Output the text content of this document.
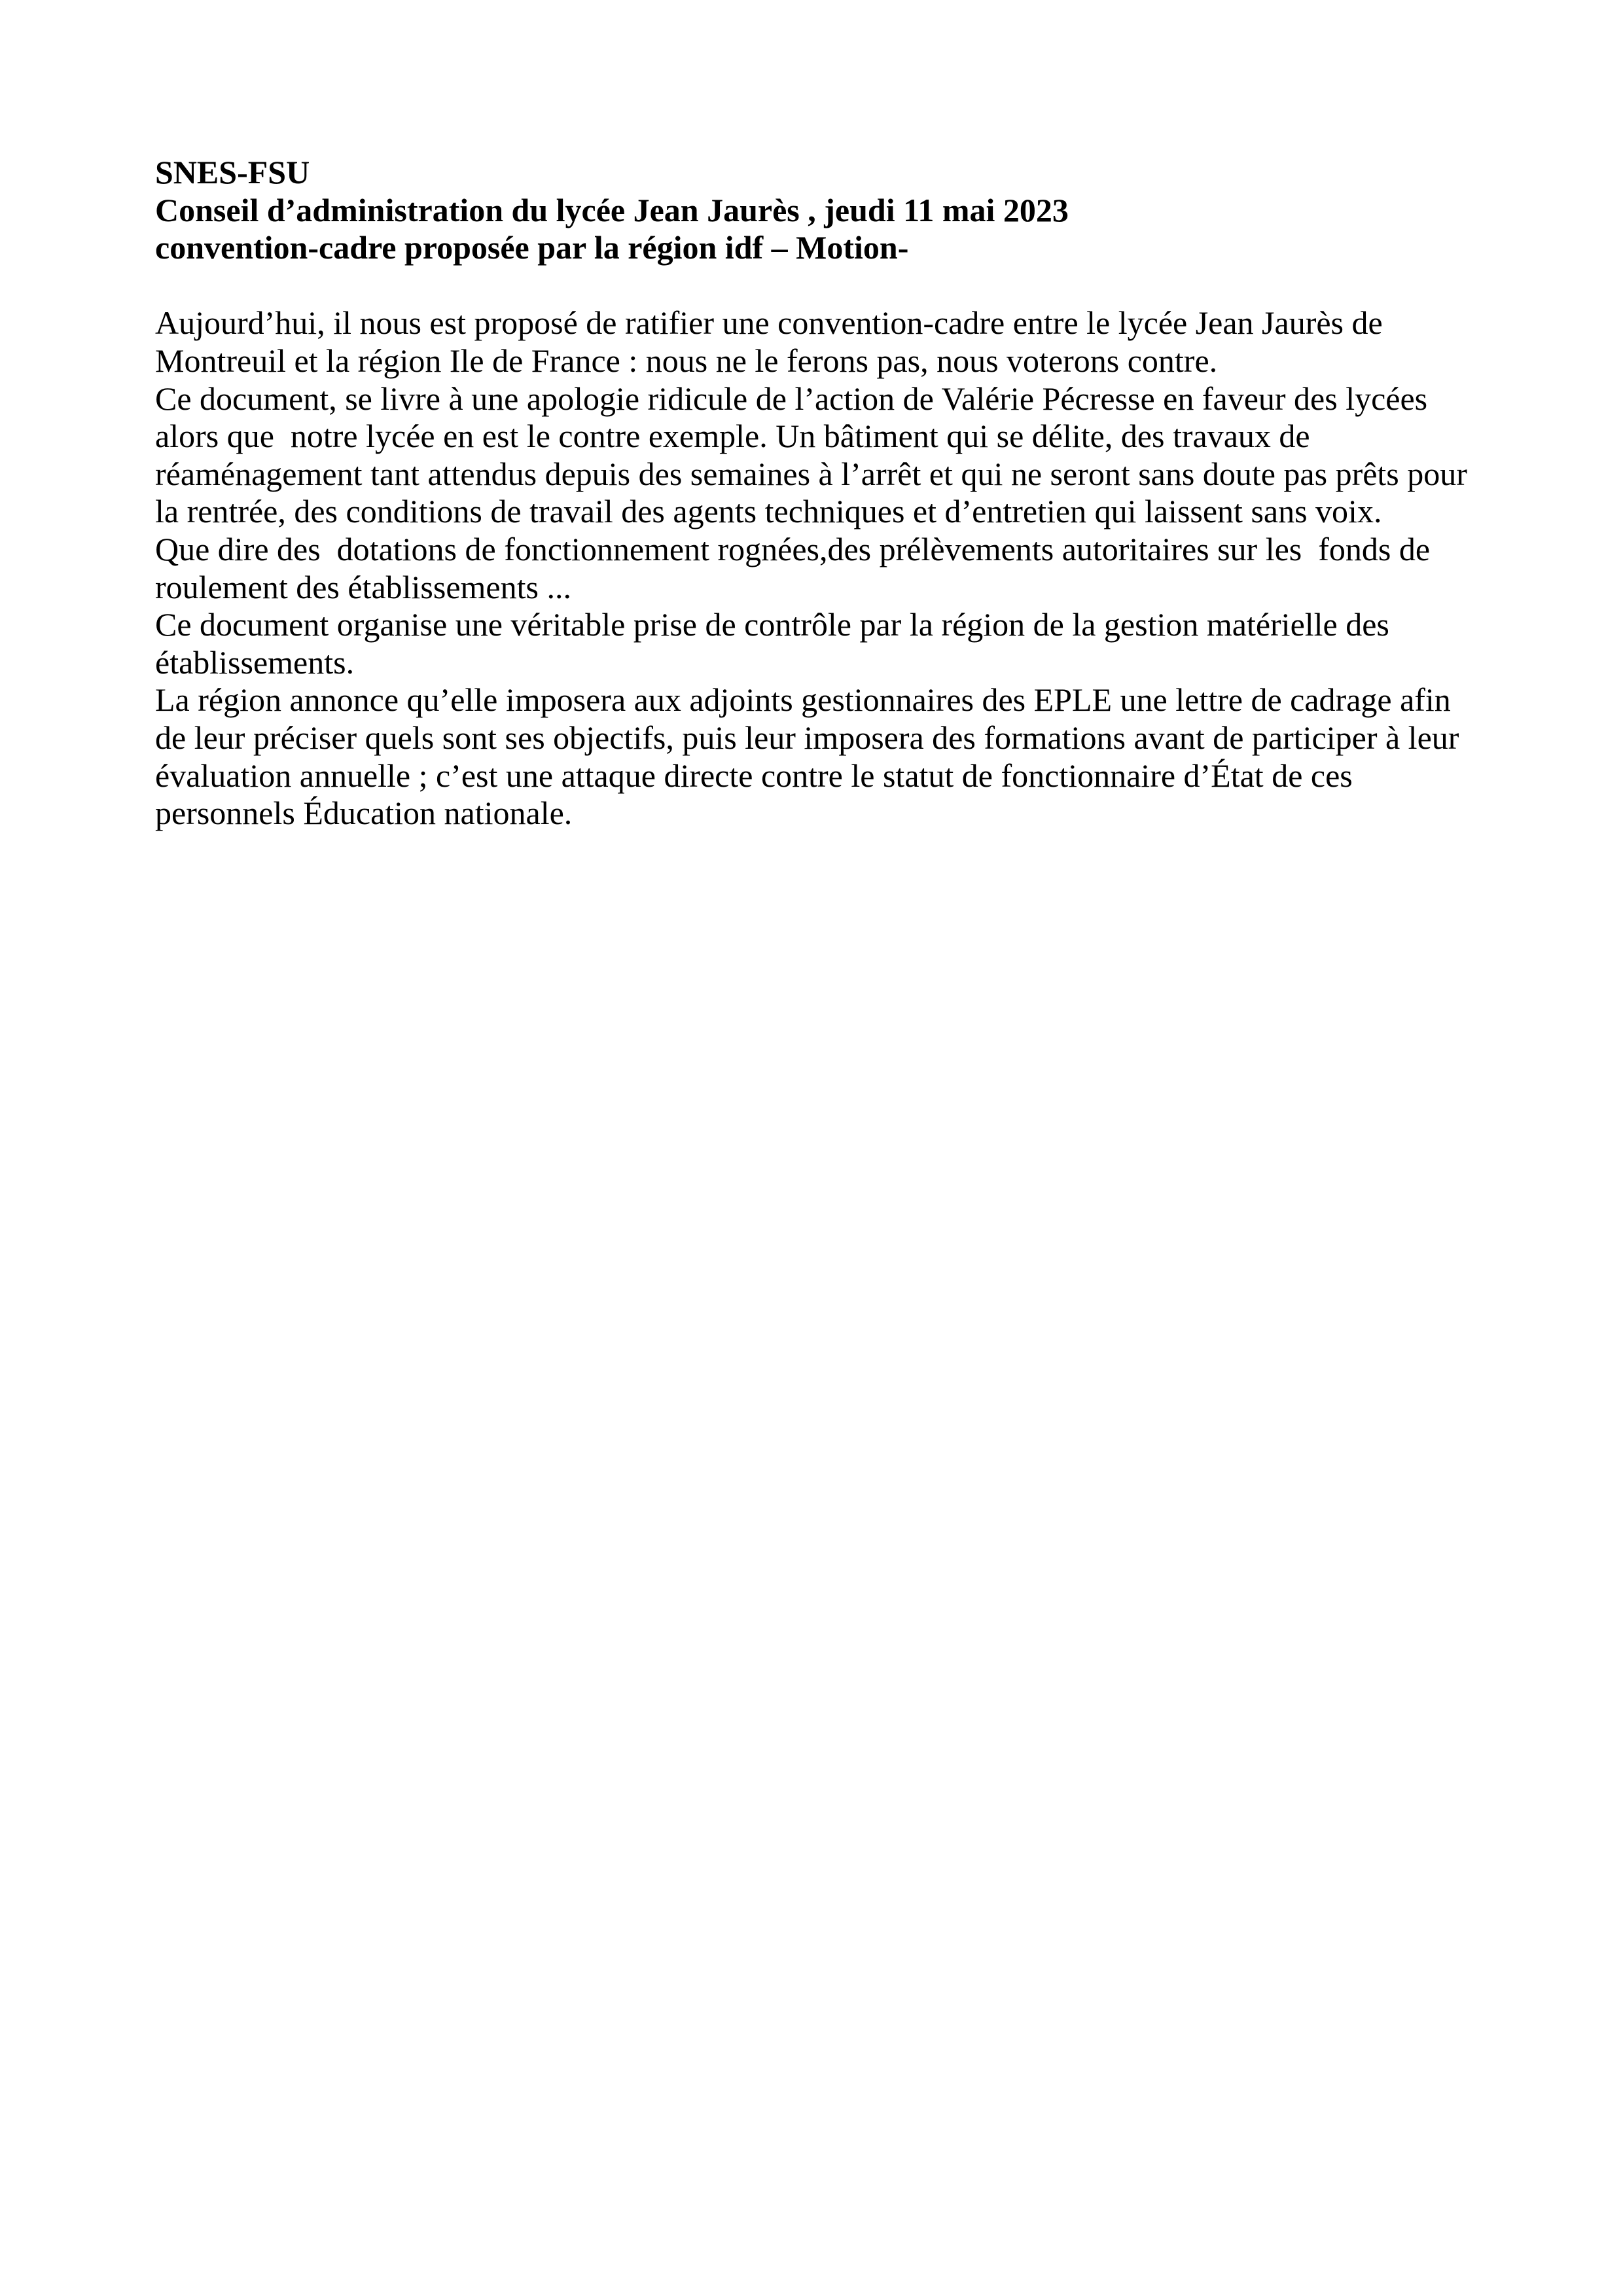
SNES-FSU
Conseil d’administration du lycée Jean Jaurès , jeudi 11 mai 2023
convention-cadre proposée par la région idf – Motion-
Aujourd’hui, il nous est proposé de ratifier une convention-cadre entre le lycée Jean Jaurès de
Montreuil et la région Ile de France : nous ne le ferons pas, nous voterons contre.
Ce document, se livre à une apologie ridicule de l’action de Valérie Pécresse en faveur des lycées
alors que  notre lycée en est le contre exemple. Un bâtiment qui se délite, des travaux de
réaménagement tant attendus depuis des semaines à l’arrêt et qui ne seront sans doute pas prêts pour
la rentrée, des conditions de travail des agents techniques et d’entretien qui laissent sans voix.
Que dire des  dotations de fonctionnement rognées,des prélèvements autoritaires sur les  fonds de
roulement des établissements ...
Ce document organise une véritable prise de contrôle par la région de la gestion matérielle des
établissements.
La région annonce qu’elle imposera aux adjoints gestionnaires des EPLE une lettre de cadrage afin
de leur préciser quels sont ses objectifs, puis leur imposera des formations avant de participer à leur
évaluation annuelle ; c’est une attaque directe contre le statut de fonctionnaire d’État de ces
personnels Éducation nationale.
